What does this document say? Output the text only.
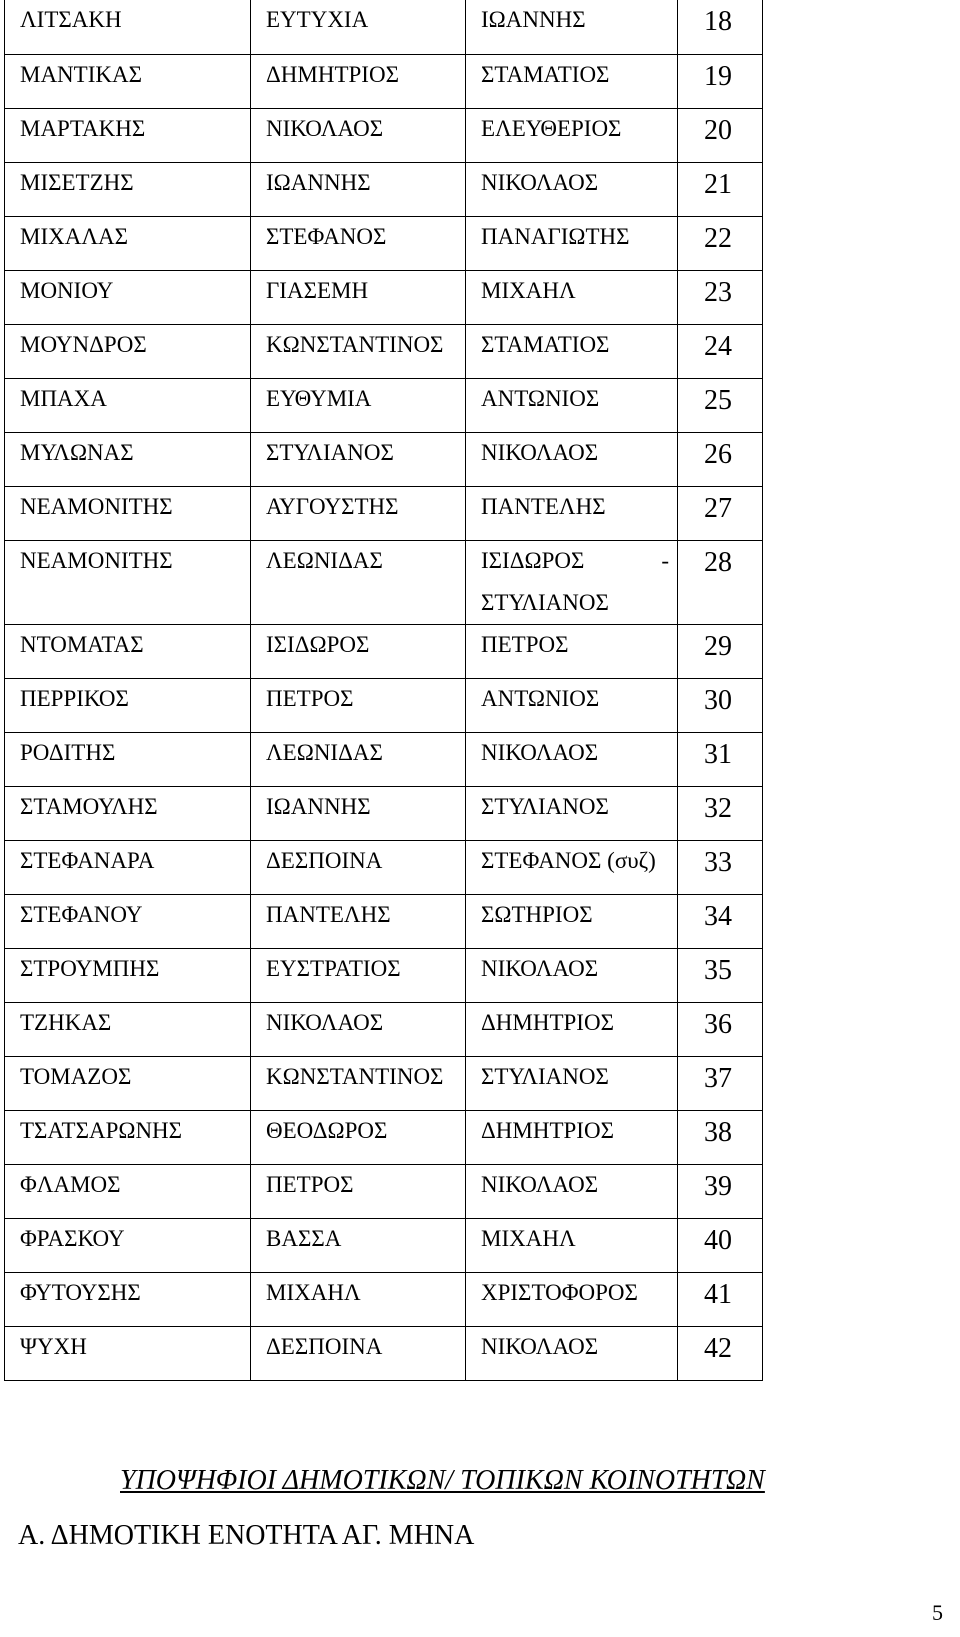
ΛΙΤΣΑΚΗ	ΕΥΤΥΧΙΑ	ΙΩΑΝΝΗΣ	18	
ΜΑΝΤΙΚΑΣ	ΔΗΜΗΤΡΙΟΣ	ΣΤΑΜΑΤΙΟΣ	19	
ΜΑΡΤΑΚΗΣ	ΝΙΚΟΛΑΟΣ	ΕΛΕΥΘΕΡΙΟΣ	20	
ΜΙΣΕΤΖΗΣ	ΙΩΑΝΝΗΣ	ΝΙΚΟΛΑΟΣ	21	
ΜΙΧΑΛΑΣ	ΣΤΕΦΑΝΟΣ	ΠΑΝΑΓΙΩΤΗΣ	22	
ΜΟΝΙΟΥ	ΓΙΑΣΕΜΗ	ΜΙΧΑΗΛ	23	
ΜΟΥΝΔΡΟΣ	ΚΩΝΣΤΑΝΤΙΝΟΣ	ΣΤΑΜΑΤΙΟΣ	24	
ΜΠΑΧΑ	ΕΥΘΥΜΙΑ	ΑΝΤΩΝΙΟΣ	25	
ΜΥΛΩΝΑΣ	ΣΤΥΛΙΑΝΟΣ	ΝΙΚΟΛΑΟΣ	26	
ΝΕΑΜΟΝΙΤΗΣ	ΑΥΓΟΥΣΤΗΣ	ΠΑΝΤΕΛΗΣ	27	
ΝΕΑΜΟΝΙΤΗΣ	ΛΕΩΝΙΔΑΣ	ΙΣΙΔΩΡΟΣ -
ΣΤΥΛΙΑΝΟΣ	28	
ΝΤΟΜΑΤΑΣ	ΙΣΙΔΩΡΟΣ	ΠΕΤΡΟΣ	29	
ΠΕΡΡΙΚΟΣ	ΠΕΤΡΟΣ	ΑΝΤΩΝΙΟΣ	30	
ΡΟΔΙΤΗΣ	ΛΕΩΝΙΔΑΣ	ΝΙΚΟΛΑΟΣ	31	
ΣΤΑΜΟΥΛΗΣ	ΙΩΑΝΝΗΣ	ΣΤΥΛΙΑΝΟΣ	32	
ΣΤΕΦΑΝΑΡΑ	ΔΕΣΠΟΙΝΑ	ΣΤΕΦΑΝΟΣ (συζ)	33	
ΣΤΕΦΑΝΟΥ	ΠΑΝΤΕΛΗΣ	ΣΩΤΗΡΙΟΣ	34	
ΣΤΡΟΥΜΠΗΣ	ΕΥΣΤΡΑΤΙΟΣ	ΝΙΚΟΛΑΟΣ	35	
ΤΖΗΚΑΣ	ΝΙΚΟΛΑΟΣ	ΔΗΜΗΤΡΙΟΣ	36	
ΤΟΜΑΖΟΣ	ΚΩΝΣΤΑΝΤΙΝΟΣ	ΣΤΥΛΙΑΝΟΣ	37	
ΤΣΑΤΣΑΡΩΝΗΣ	ΘΕΟΔΩΡΟΣ	ΔΗΜΗΤΡΙΟΣ	38	
ΦΛΑΜΟΣ	ΠΕΤΡΟΣ	ΝΙΚΟΛΑΟΣ	39	
ΦΡΑΣΚΟΥ	ΒΑΣΣΑ	ΜΙΧΑΗΛ	40	
ΦΥΤΟΥΣΗΣ	ΜΙΧΑΗΛ	ΧΡΙΣΤΟΦΟΡΟΣ	41	
ΨΥΧΗ	ΔΕΣΠΟΙΝΑ	ΝΙΚΟΛΑΟΣ	42	
ΥΠΟΨΗΦΙΟΙ ΔΗΜΟΤΙΚΩΝ/ ΤΟΠΙΚΩΝ ΚΟΙΝΟΤΗΤΩΝ
Α. ΔΗΜΟΤΙΚΗ ΕΝΟΤΗΤΑ ΑΓ. ΜΗΝΑ
5
